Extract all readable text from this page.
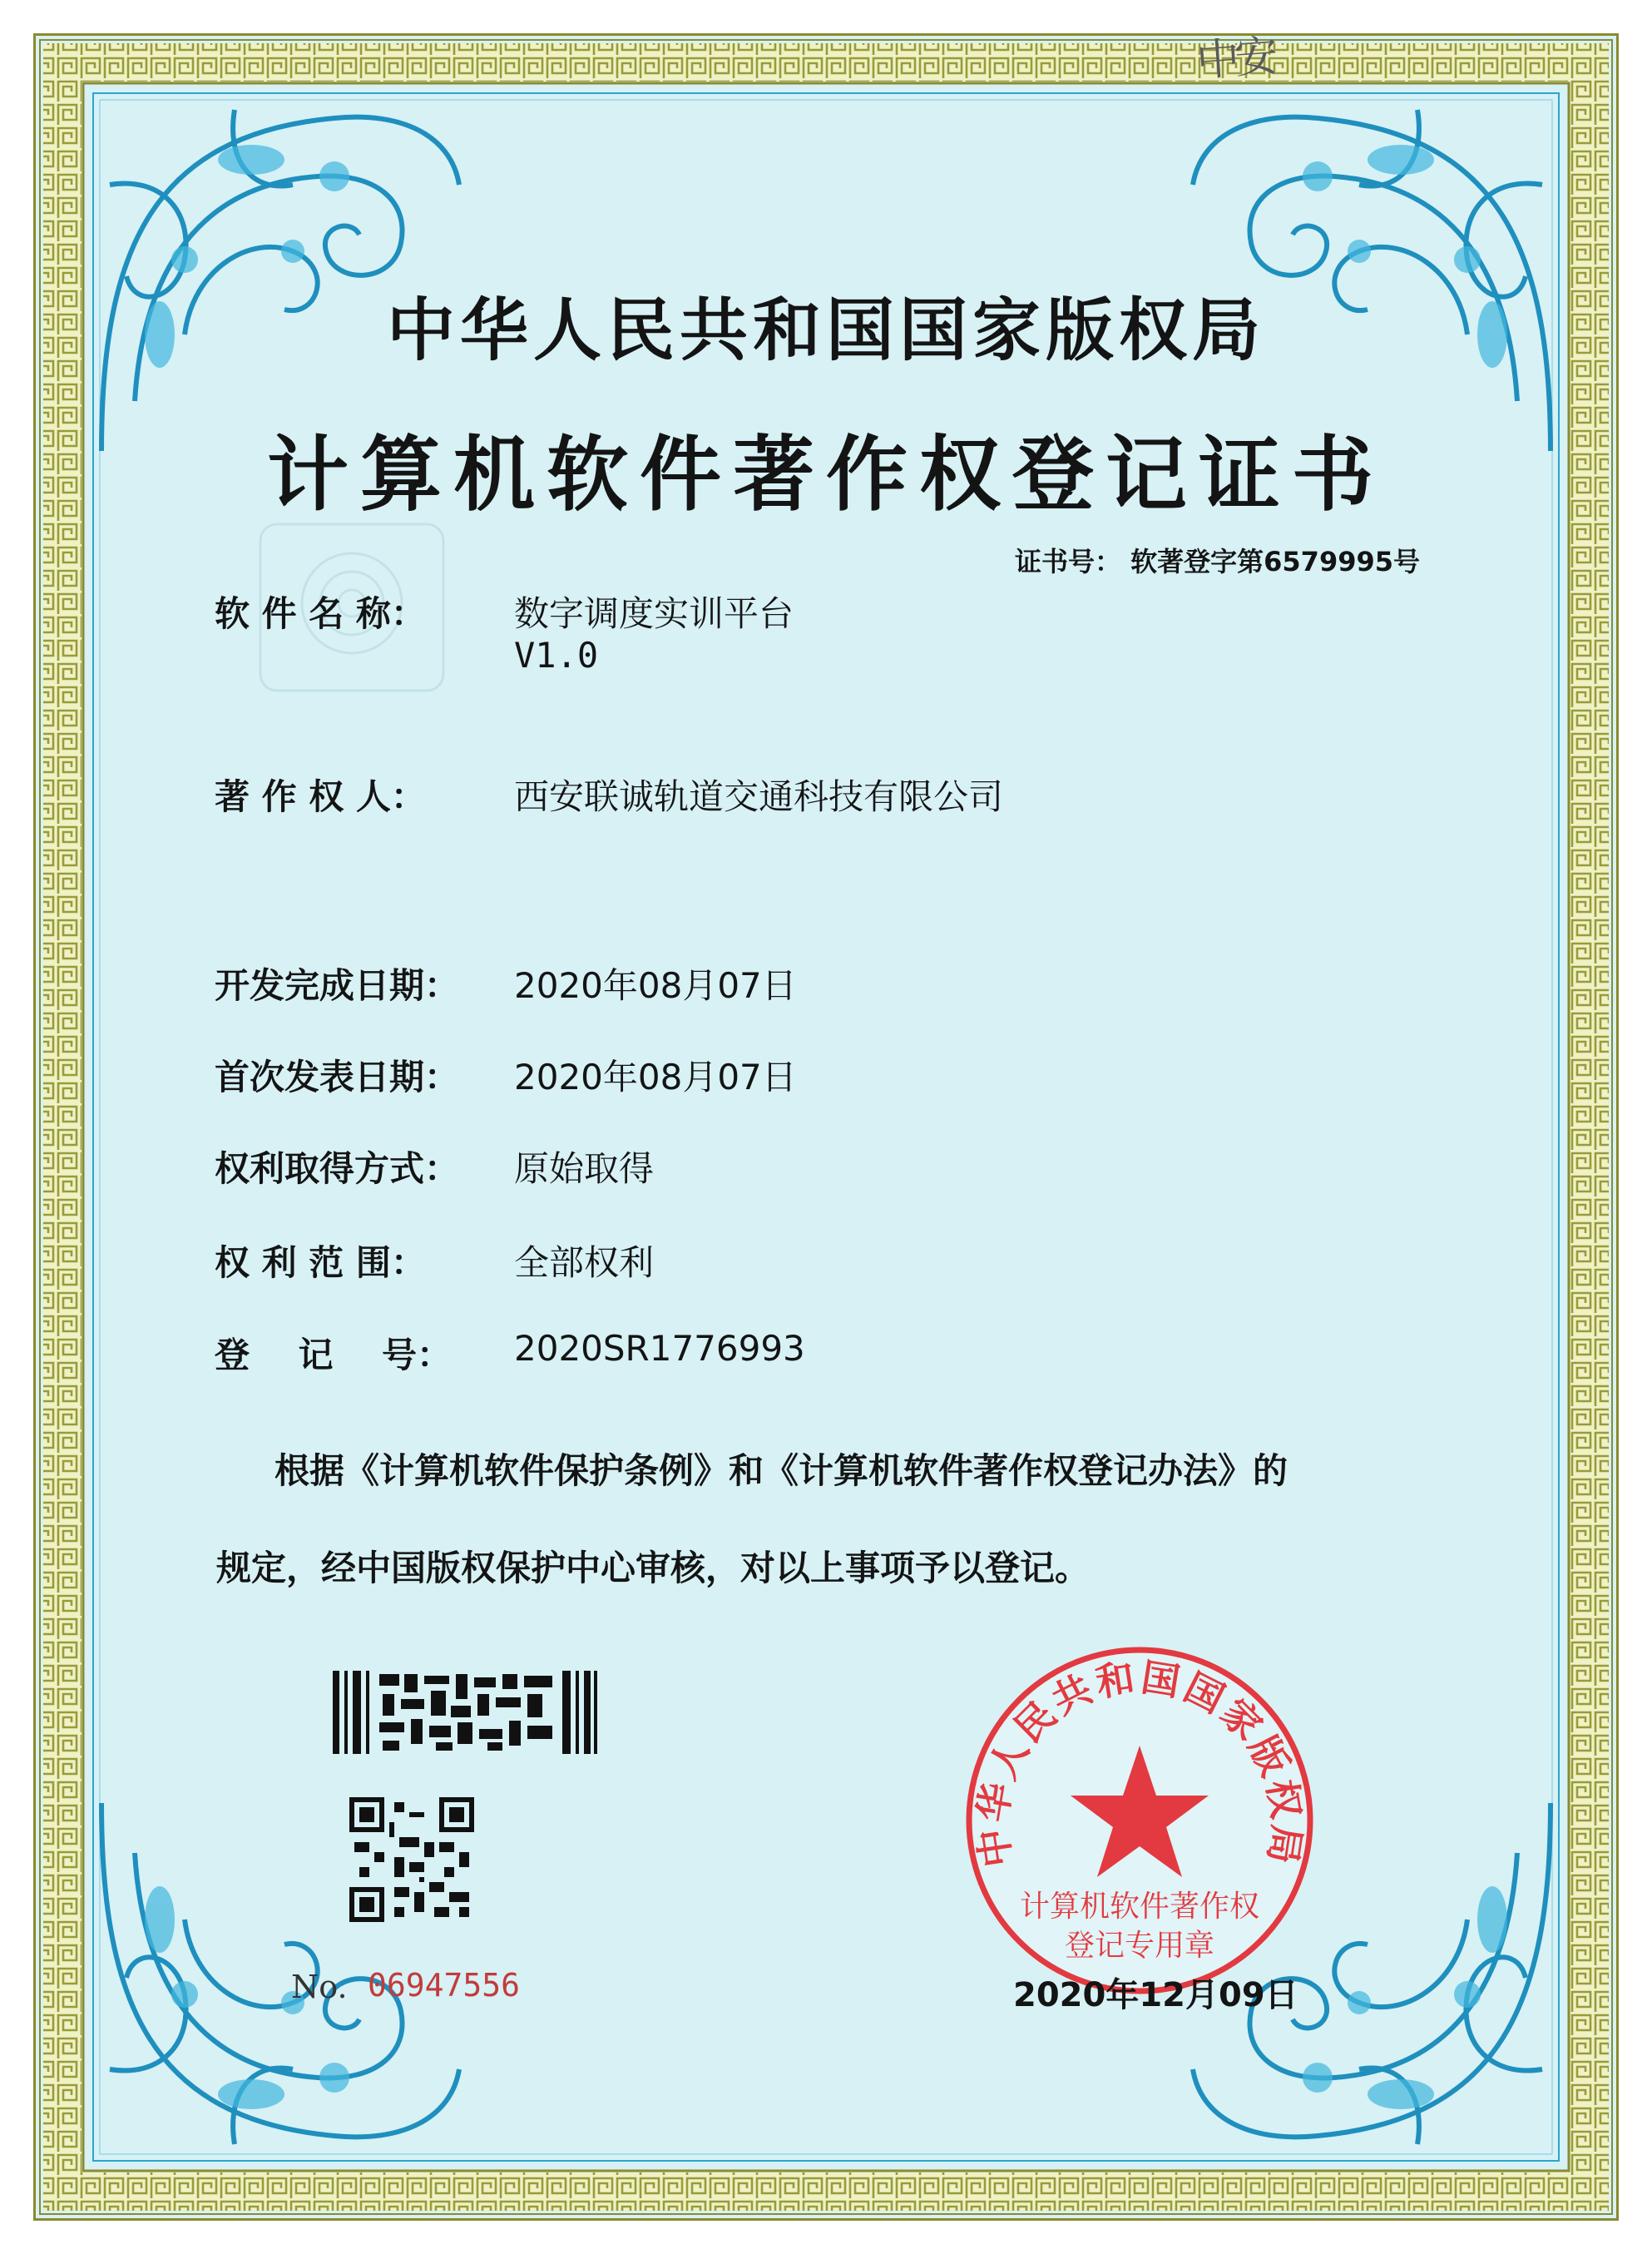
中安
中华人民共和国国家版权局
计算机软件著作权登记证书
证书号： 软著登字第6579995号
软 件 名 称：	数字调度实训平台
V1.0
著 作 权 人：	西安联诚轨道交通科技有限公司
开发完成日期： 2020年08月07日
首次发表日期： 2020年08月07日
权利取得方式： 原始取得
权 利 范 围：	全部权利
登    记    号： 2020SR1776993
根据《计算机软件保护条例》和《计算机软件著作权登记办法》的
规定，经中国版权保护中心审核，对以上事项予以登记。
中华人民共和国国家版权局
计算机软件著作权
登记专用章
No. 06947556	2020年12月09日
